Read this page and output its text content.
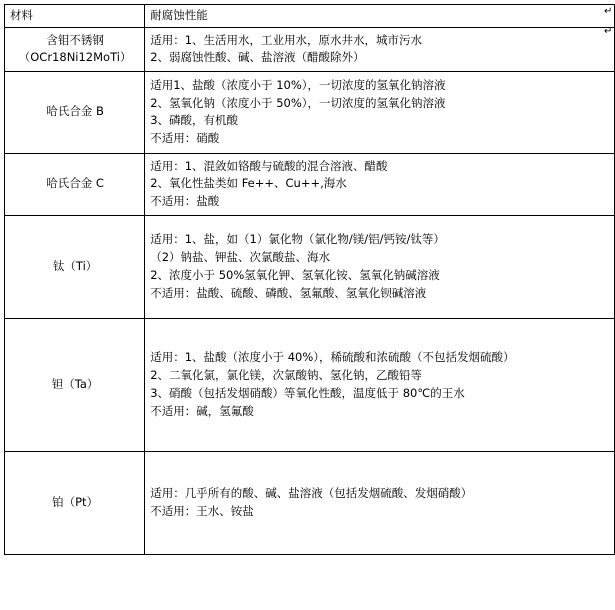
材料	耐腐蚀性能

含钼不锈钢
（OCr18Ni12MoTi）	适用：1、生活用水，工业用水，原水井水，城市污水
2、弱腐蚀性酸、碱、盐溶液（醋酸除外）

哈氏合金 B	适用1、盐酸（浓度小于 10%），一切浓度的氢氧化钠溶液
2、氢氧化钠（浓度小于 50%），一切浓度的氢氧化钠溶液
3、磷酸，有机酸
不适用：硝酸

哈氏合金 C	适用：1、混敛如铬酸与硫酸的混合溶液、醋酸
2、氧化性盐类如 Fe++、Cu++,海水
不适用：盐酸

钛（Ti）	适用：1、盐，如（1）氯化物（氯化物/镁/铝/钙铵/钛等）
（2）钠盐、钾盐、次氯酸盐、海水
2、浓度小于 50%氢氧化钾、氢氧化铵、氢氧化钠碱溶液
不适用：盐酸、硫酸、磷酸、氢氟酸、氢氧化钡碱溶液

钽（Ta）	适用：1、盐酸（浓度小于 40%），稀硫酸和浓硫酸（不包括发烟硫酸）
2、二氧化氯，氯化镁，次氯酸钠、氢化钠，乙酸铅等
3、硝酸（包括发烟硝酸）等氧化性酸，温度低于 80℃的王水
不适用：碱，氢氟酸

铂（Pt）	适用：几乎所有的酸、碱、盐溶液（包括发烟硫酸、发烟硝酸）
不适用：王水、铵盐
↵
↵
